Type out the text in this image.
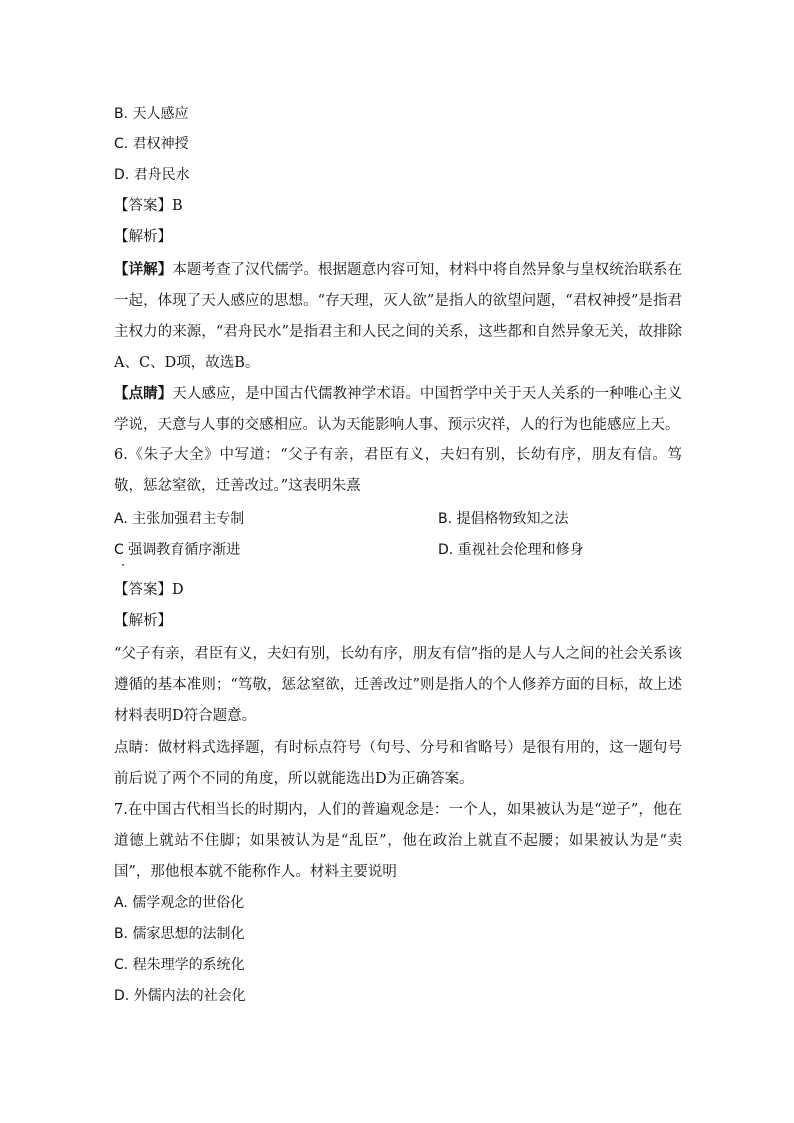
B. 天人感应
C. 君权神授
D. 君舟民水
【答案】B
【解析】
【详解】本题考查了汉代儒学。根据题意内容可知，材料中将自然异象与皇权统治联系在一起，体现了天人感应的思想。“存天理，灭人欲”是指人的欲望问题，“君权神授”是指君主权力的来源，“君舟民水”是指君主和人民之间的关系，这些都和自然异象无关，故排除A、C、D项，故选B。
【点睛】天人感应，是中国古代儒教神学术语。中国哲学中关于天人关系的一种唯心主义学说，天意与人事的交感相应。认为天能影响人事、预示灾祥，人的行为也能感应上天。
6.《朱子大全》中写道：“父子有亲，君臣有义，夫妇有别，长幼有序，朋友有信。笃敬，惩忿窒欲，迁善改过。”这表明朱熹
A. 主张加强君主专制	B. 提倡格物致知之法
C 强调教育循序渐进	D. 重视社会伦理和修身
【答案】D
【解析】
“父子有亲，君臣有义，夫妇有别，长幼有序，朋友有信”指的是人与人之间的社会关系该遵循的基本准则；“笃敬，惩忿窒欲，迁善改过”则是指人的个人修养方面的目标，故上述材料表明D符合题意。
点睛：做材料式选择题，有时标点符号（句号、分号和省略号）是很有用的，这一题句号前后说了两个不同的角度，所以就能选出D为正确答案。
7.在中国古代相当长的时期内，人们的普遍观念是：一个人，如果被认为是“逆子”，他在道德上就站不住脚；如果被认为是“乱臣”，他在政治上就直不起腰；如果被认为是“卖国”，那他根本就不能称作人。材料主要说明
A. 儒学观念的世俗化
B. 儒家思想的法制化
C. 程朱理学的系统化
D. 外儒内法的社会化
